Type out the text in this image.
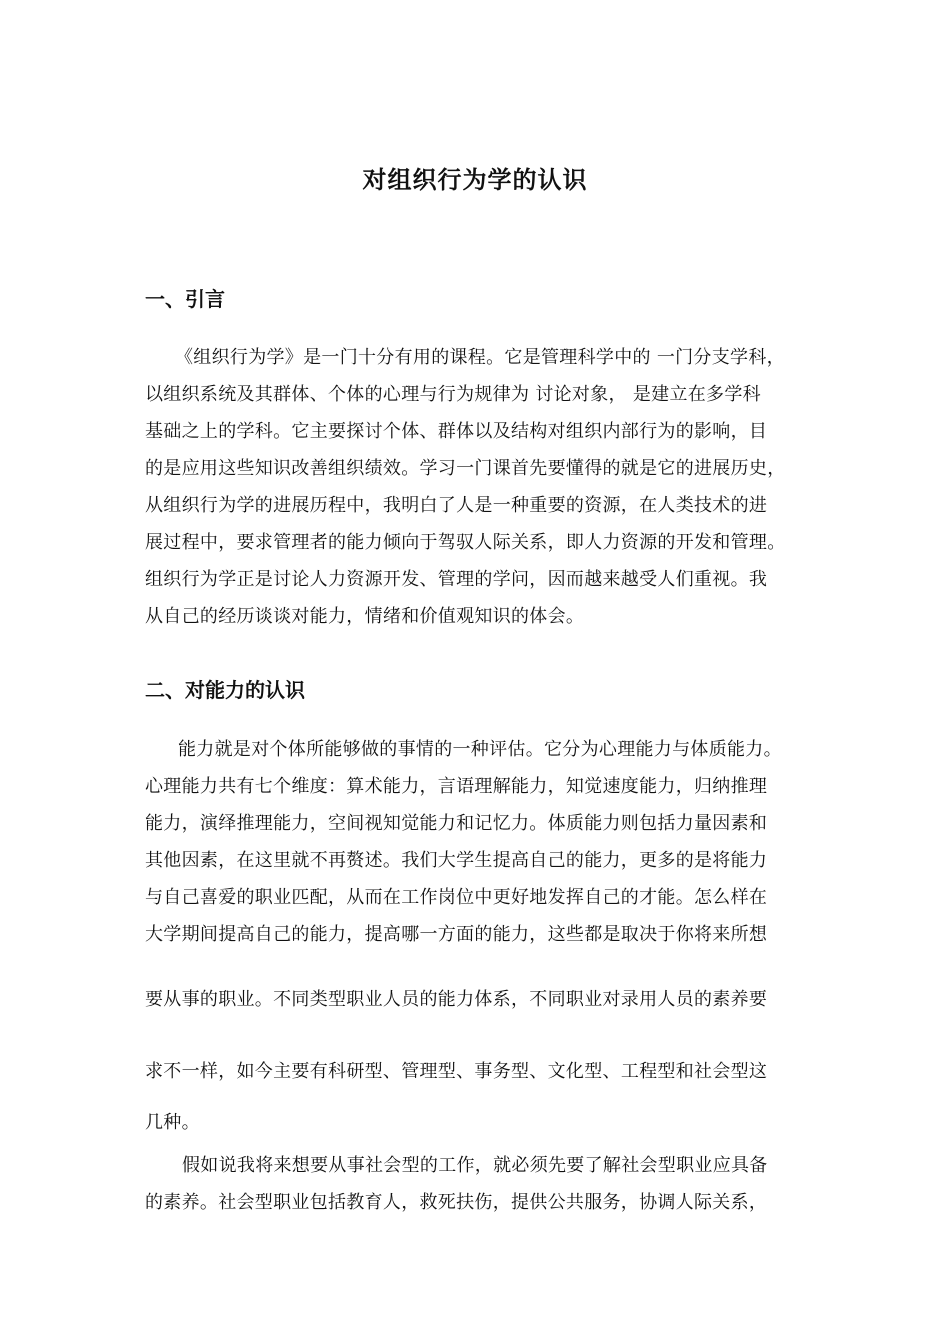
对组织行为学的认识
一、引言
《组织行为学》是一门十分有用的课程。它是管理科学中的 一门分支学科，
以组织系统及其群体、个体的心理与行为规律为 讨论对象， 是建立在多学科
基础之上的学科。它主要探讨个体、群体以及结构对组织内部行为的影响，目
的是应用这些知识改善组织绩效。学习一门课首先要懂得的就是它的进展历史，
从组织行为学的进展历程中，我明白了人是一种重要的资源，在人类技术的进
展过程中，要求管理者的能力倾向于驾驭人际关系，即人力资源的开发和管理。
组织行为学正是讨论人力资源开发、管理的学问，因而越来越受人们重视。我
从自己的经历谈谈对能力，情绪和价值观知识的体会。
二、对能力的认识
能力就是对个体所能够做的事情的一种评估。它分为心理能力与体质能力。
心理能力共有七个维度：算术能力，言语理解能力，知觉速度能力，归纳推理
能力，演绎推理能力，空间视知觉能力和记忆力。体质能力则包括力量因素和
其他因素，在这里就不再赘述。我们大学生提高自己的能力，更多的是将能力
与自己喜爱的职业匹配，从而在工作岗位中更好地发挥自己的才能。怎么样在
大学期间提高自己的能力，提高哪一方面的能力，这些都是取决于你将来所想
要从事的职业。不同类型职业人员的能力体系，不同职业对录用人员的素养要
求不一样，如今主要有科研型、管理型、事务型、文化型、工程型和社会型这
几种。
假如说我将来想要从事社会型的工作，就必须先要了解社会型职业应具备
的素养。社会型职业包括教育人，救死扶伤，提供公共服务，协调人际关系，
